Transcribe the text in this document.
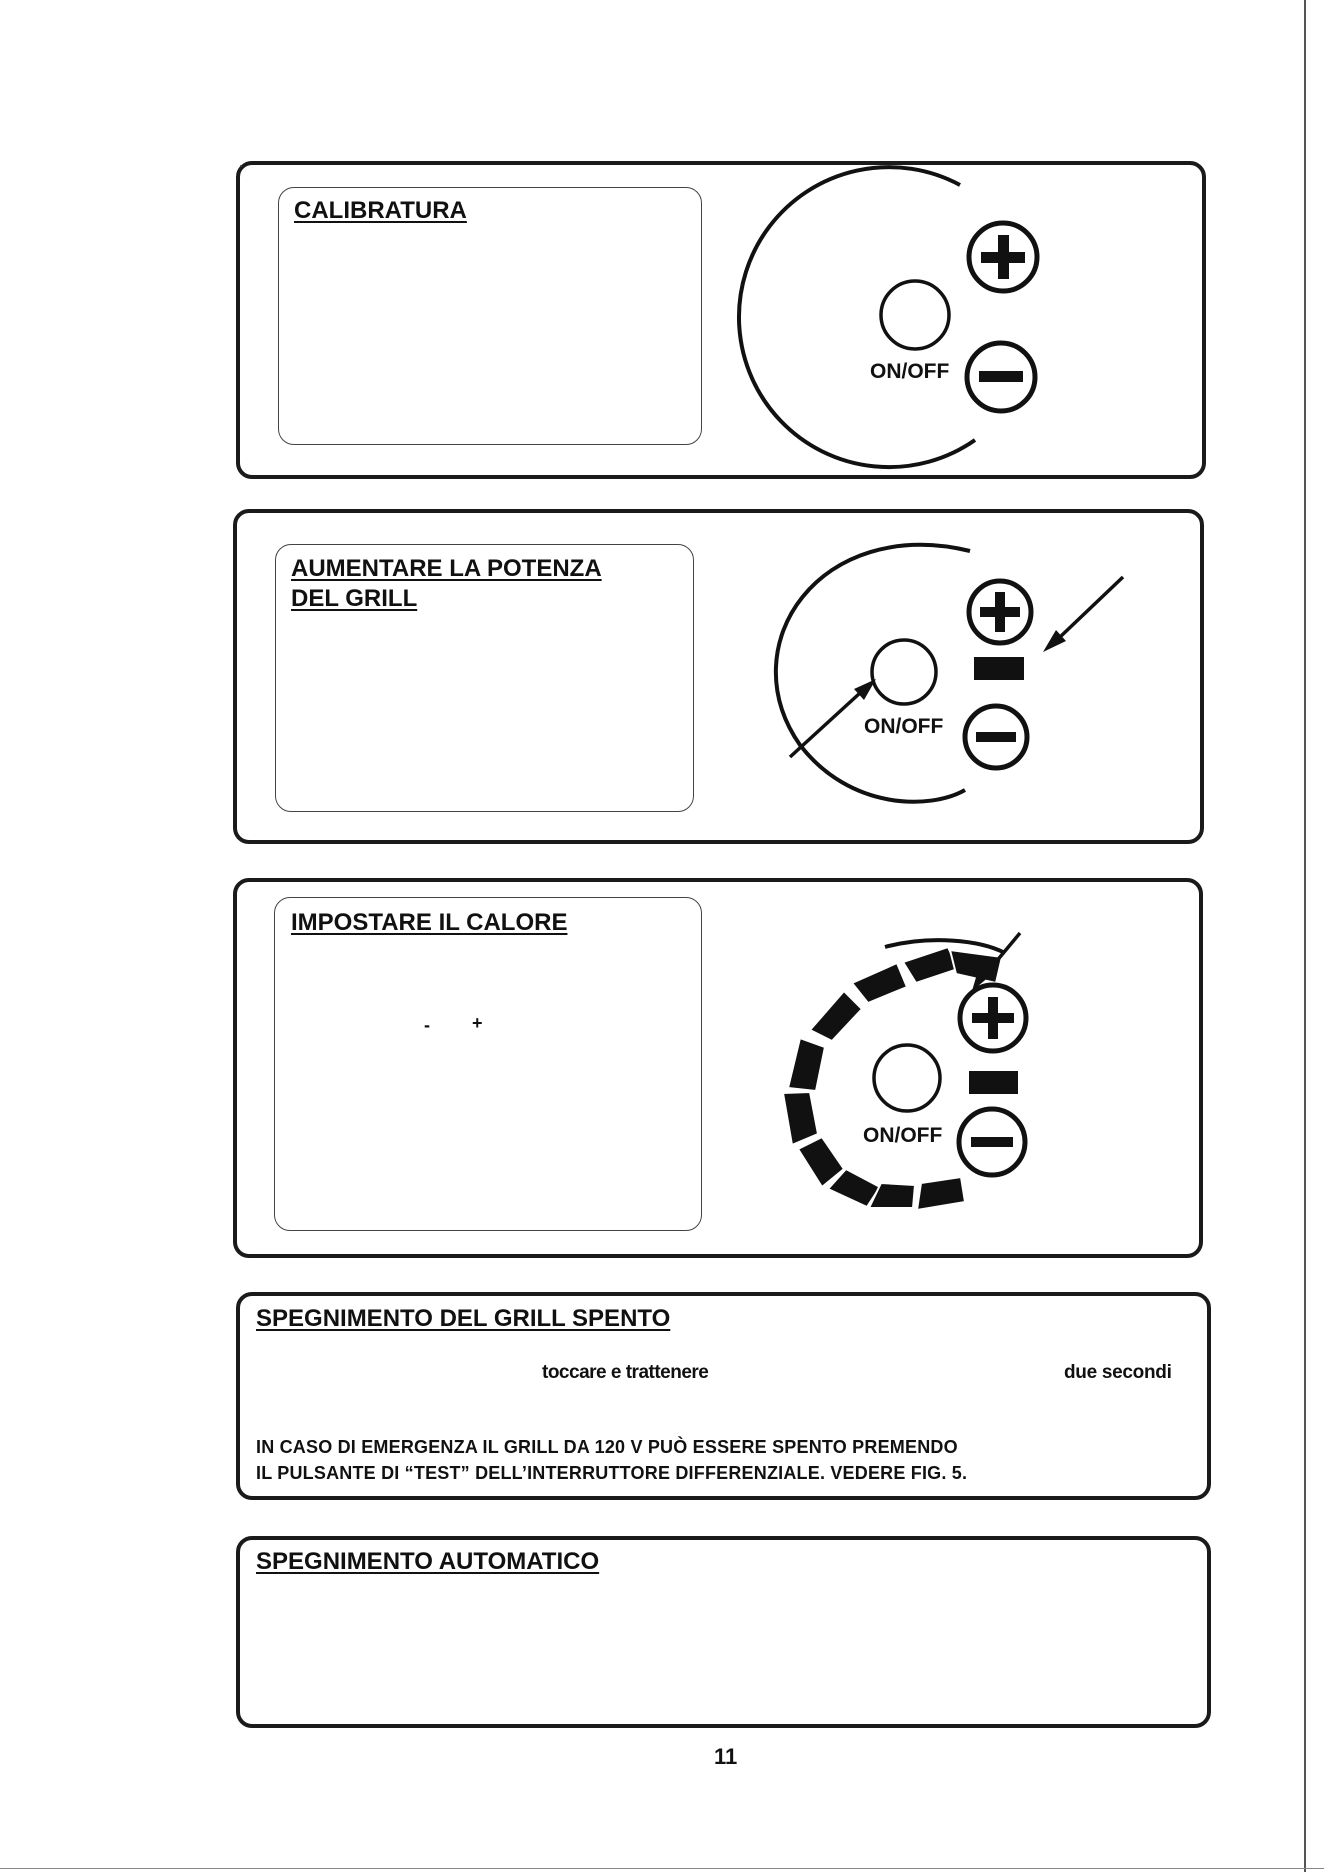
CALIBRATURA
ON/OFF
AUMENTARE LA POTENZA
DEL GRILL
ON/OFF
IMPOSTARE IL CALORE
- +
ON/OFF
SPEGNIMENTO DEL GRILL SPENTO
toccare e trattenere	due secondi
IN CASO DI EMERGENZA IL GRILL DA 120 V PUÒ ESSERE SPENTO PREMENDO
IL PULSANTE DI “TEST” DELL’INTERRUTTORE DIFFERENZIALE. VEDERE FIG. 5.
SPEGNIMENTO AUTOMATICO
11
